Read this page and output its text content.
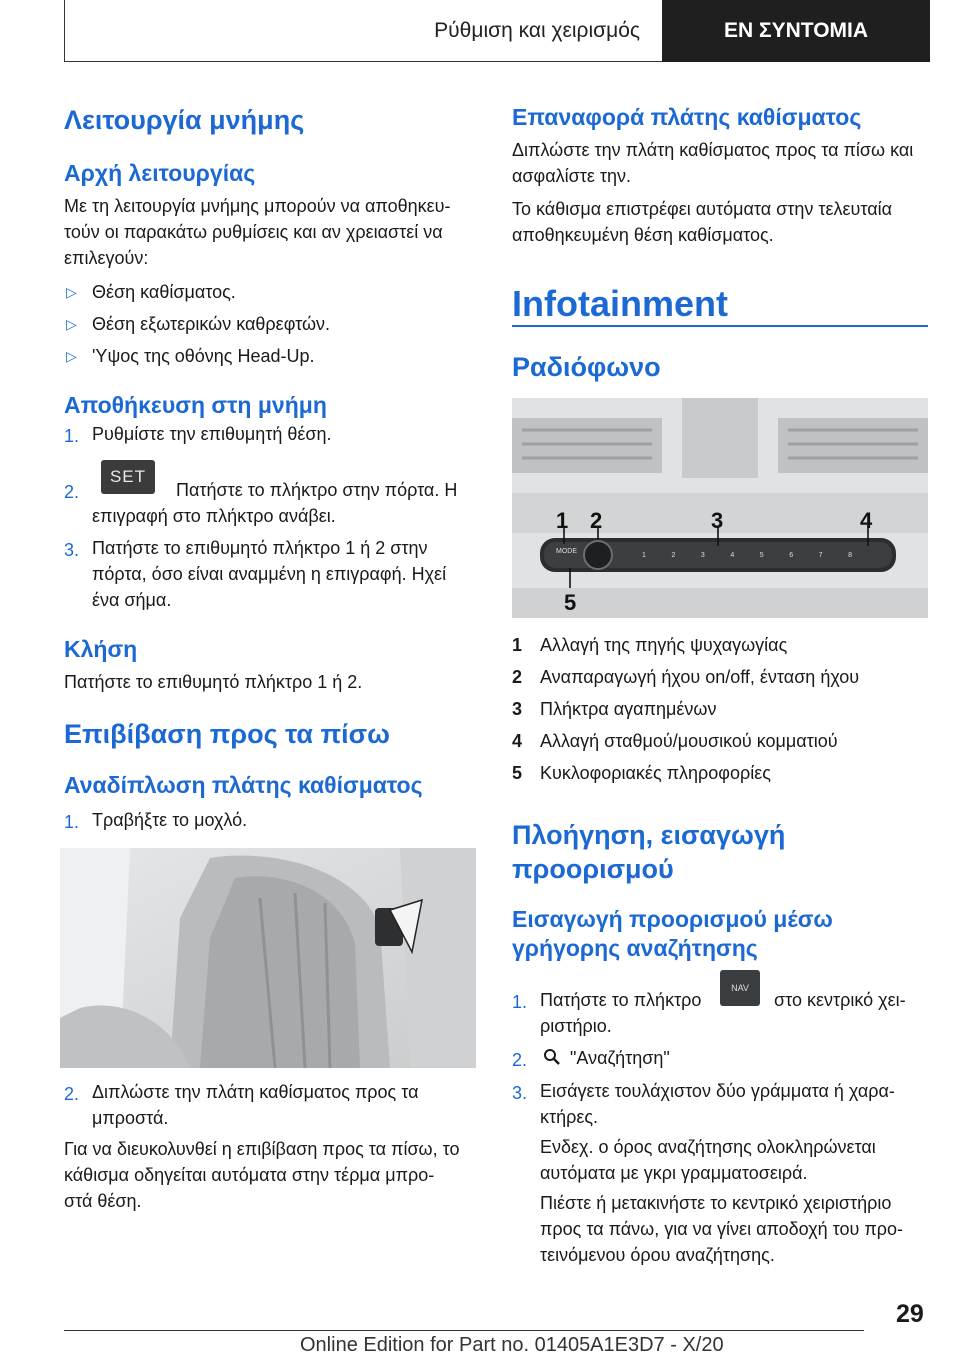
Ρύθμιση και χειρισμός	ΕΝ ΣΥΝΤΟΜΙΑ
Λειτουργία μνήμης
Αρχή λειτουργίας
Με τη λειτουργία μνήμης μπορούν να αποθηκευ-
τούν οι παρακάτω ρυθμίσεις και αν χρειαστεί να
επιλεγούν:
▷ Θέση καθίσματος.
▷ Θέση εξωτερικών καθρεφτών.
▷ 'Υψος της οθόνης Head-Up.
Αποθήκευση στη μνήμη
1. Ρυθμίστε την επιθυμητή θέση.
2.
SET
Πατήστε το πλήκτρο στην πόρτα. Η
επιγραφή στο πλήκτρο ανάβει.
3. Πατήστε το επιθυμητό πλήκτρο 1 ή 2 στην
πόρτα, όσο είναι αναμμένη η επιγραφή. Ηχεί
ένα σήμα.
Κλήση
Πατήστε το επιθυμητό πλήκτρο 1 ή 2.
Επιβίβαση προς τα πίσω
Αναδίπλωση πλάτης καθίσματος
1. Τραβήξτε το μοχλό.
2. Διπλώστε την πλάτη καθίσματος προς τα
μπροστά.
Για να διευκολυνθεί η επιβίβαση προς τα πίσω, το
κάθισμα οδηγείται αυτόματα στην τέρμα μπρο-
στά θέση.
Επαναφορά πλάτης καθίσματος
Διπλώστε την πλάτη καθίσματος προς τα πίσω και
ασφαλίστε την.
Το κάθισμα επιστρέφει αυτόματα στην τελευταία
αποθηκευμένη θέση καθίσματος.
Infotainment
Ραδιόφωνο
1 2	3	4
5
MODE
1	2	3	4	5	6	7	8
1 Αλλαγή της πηγής ψυχαγωγίας
2 Αναπαραγωγή ήχου on/off, ένταση ήχου
3 Πλήκτρα αγαπημένων
4 Αλλαγή σταθμού/μουσικού κομματιού
5 Κυκλοφοριακές πληροφορίες
Πλοήγηση, εισαγωγή
προορισμού
Εισαγωγή προορισμού μέσω
γρήγορης αναζήτησης
1. Πατήστε το πλήκτρο
NAV
στο κεντρικό χει-
ριστήριο.
2. "Αναζήτηση"
3. Εισάγετε τουλάχιστον δύο γράμματα ή χαρα-
κτήρες.
Ενδεχ. ο όρος αναζήτησης ολοκληρώνεται
αυτόματα με γκρι γραμματοσειρά.
Πιέστε ή μετακινήστε το κεντρικό χειριστήριο
προς τα πάνω, για να γίνει αποδοχή του προ-
τεινόμενου όρου αναζήτησης.
29
Online Edition for Part no. 01405A1E3D7 - X/20
